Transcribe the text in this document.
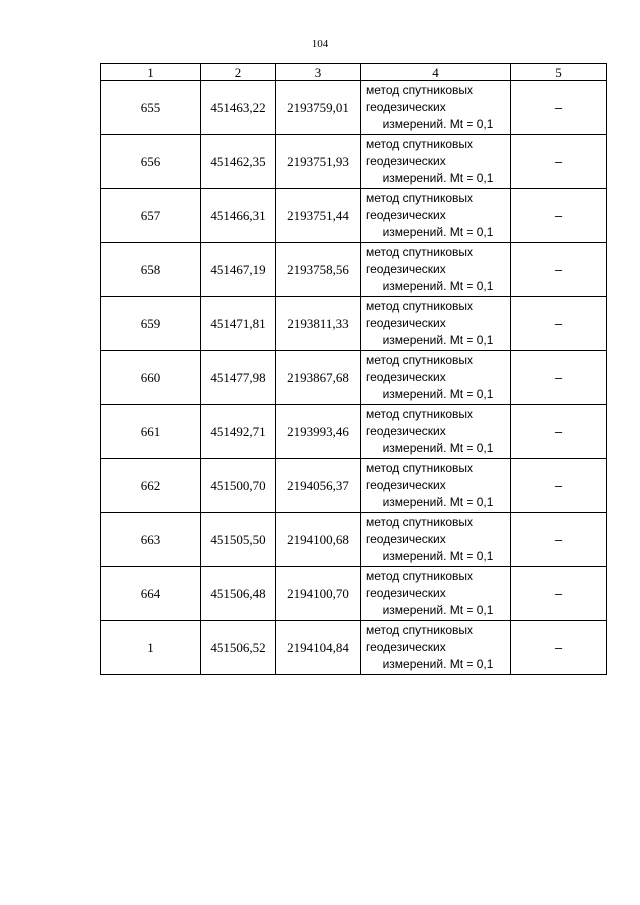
104
1	2	3	4	5
655	451463,22	2193759,01	метод спутниковых
геодезических
измерений. Mt = 0,1	–
656	451462,35	2193751,93	метод спутниковых
геодезических
измерений. Mt = 0,1	–
657	451466,31	2193751,44	метод спутниковых
геодезических
измерений. Mt = 0,1	–
658	451467,19	2193758,56	метод спутниковых
геодезических
измерений. Mt = 0,1	–
659	451471,81	2193811,33	метод спутниковых
геодезических
измерений. Mt = 0,1	–
660	451477,98	2193867,68	метод спутниковых
геодезических
измерений. Mt = 0,1	–
661	451492,71	2193993,46	метод спутниковых
геодезических
измерений. Mt = 0,1	–
662	451500,70	2194056,37	метод спутниковых
геодезических
измерений. Mt = 0,1	–
663	451505,50	2194100,68	метод спутниковых
геодезических
измерений. Mt = 0,1	–
664	451506,48	2194100,70	метод спутниковых
геодезических
измерений. Mt = 0,1	–
1	451506,52	2194104,84	метод спутниковых
геодезических
измерений. Mt = 0,1	–
